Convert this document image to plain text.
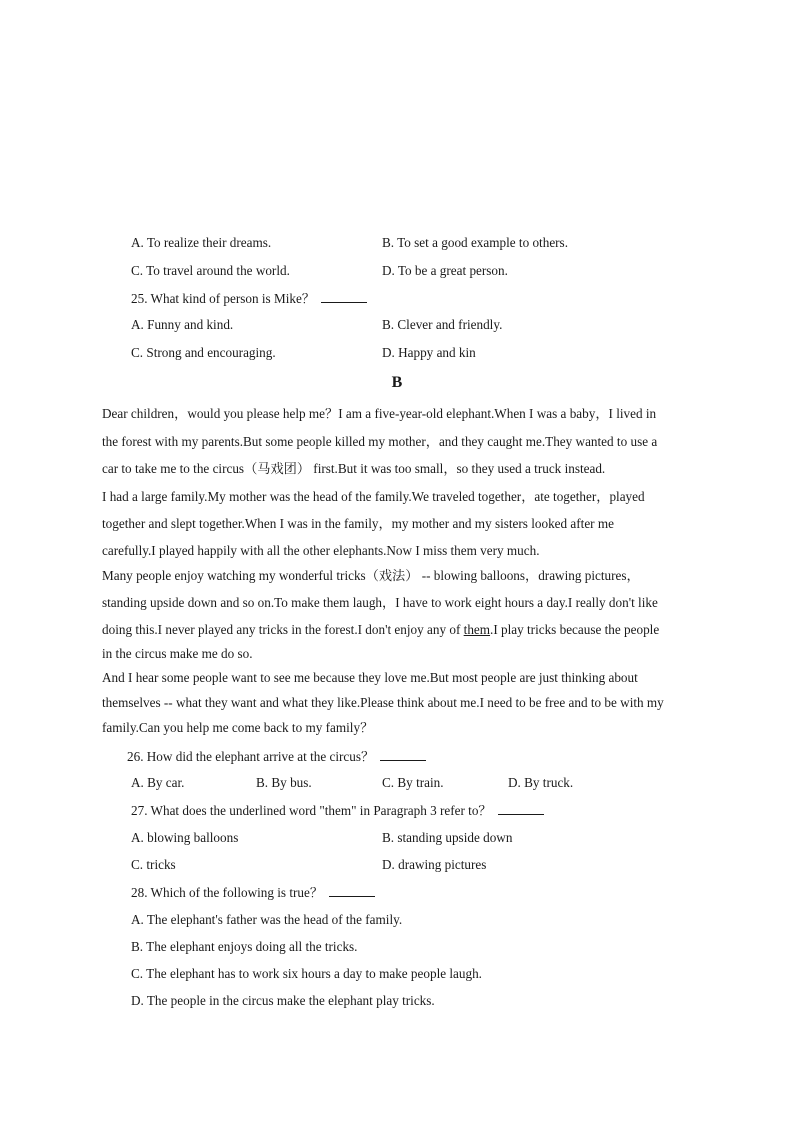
A. To realize their dreams.	B. To set a good example to others.
C. To travel around the world.	D. To be a great person.
25. What kind of person is Mike？
A. Funny and kind.	B. Clever and friendly.
C. Strong and encouraging.	D. Happy and kin
B
Dear children，would you please help me？I am a five-year-old elephant.When I was a baby，I lived in
the forest with my parents.But some people killed my mother，and they caught me.They wanted to use a
car to take me to the circus（马戏团） first.But it was too small，so they used a truck instead.
I had a large family.My mother was the head of the family.We traveled together，ate together，played
together and slept together.When I was in the family，my mother and my sisters looked after me
carefully.I played happily with all the other elephants.Now I miss them very much.
Many people enjoy watching my wonderful tricks（戏法） -- blowing balloons，drawing pictures，
standing upside down and so on.To make them laugh，I have to work eight hours a day.I really don't like
doing this.I never played any tricks in the forest.I don't enjoy any of them.I play tricks because the people
in the circus make me do so.
And I hear some people want to see me because they love me.But most people are just thinking about
themselves -- what they want and what they like.Please think about me.I need to be free and to be with my
family.Can you help me come back to my family？
26. How did the elephant arrive at the circus？
A. By car.	B. By bus.	C. By train.	D. By truck.
27. What does the underlined word "them" in Paragraph 3 refer to？
A. blowing balloons	B. standing upside down
C. tricks	D. drawing pictures
28. Which of the following is true？
A. The elephant's father was the head of the family.
B. The elephant enjoys doing all the tricks.
C. The elephant has to work six hours a day to make people laugh.
D. The people in the circus make the elephant play tricks.
